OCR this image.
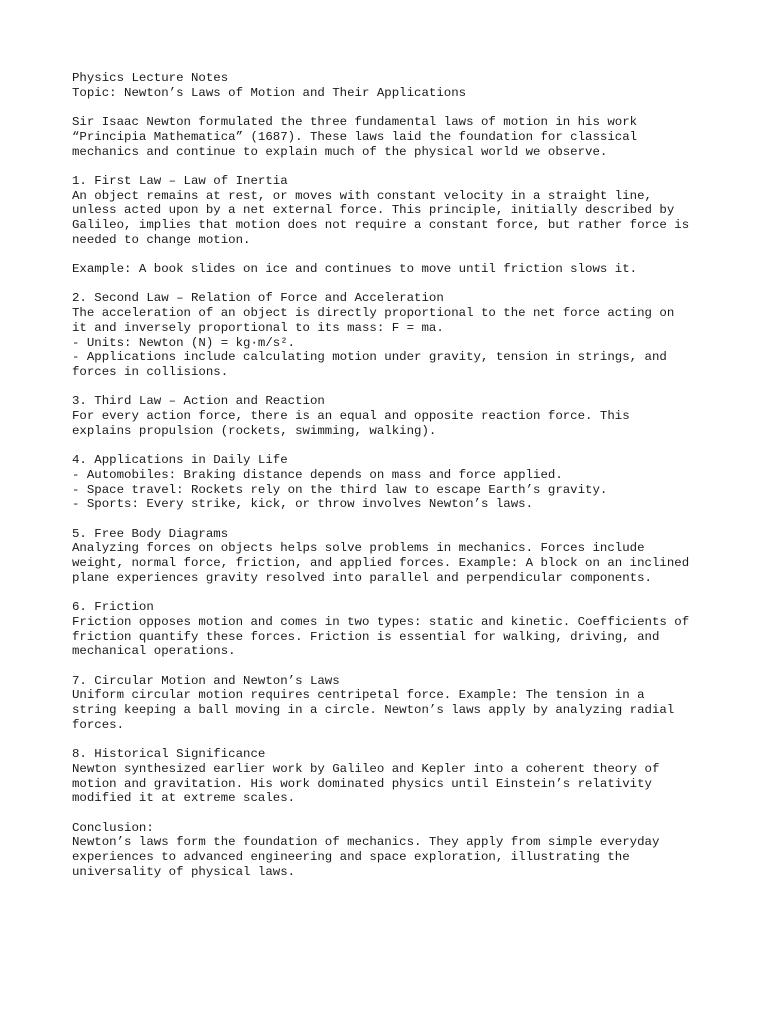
Physics Lecture Notes
Topic: Newton’s Laws of Motion and Their Applications
Sir Isaac Newton formulated the three fundamental laws of motion in his work
“Principia Mathematica” (1687). These laws laid the foundation for classical
mechanics and continue to explain much of the physical world we observe.
1. First Law – Law of Inertia
An object remains at rest, or moves with constant velocity in a straight line,
unless acted upon by a net external force. This principle, initially described by
Galileo, implies that motion does not require a constant force, but rather force is
needed to change motion.
Example: A book slides on ice and continues to move until friction slows it.
2. Second Law – Relation of Force and Acceleration
The acceleration of an object is directly proportional to the net force acting on
it and inversely proportional to its mass: F = ma.
- Units: Newton (N) = kg·m/s².
- Applications include calculating motion under gravity, tension in strings, and
forces in collisions.
3. Third Law – Action and Reaction
For every action force, there is an equal and opposite reaction force. This
explains propulsion (rockets, swimming, walking).
4. Applications in Daily Life
- Automobiles: Braking distance depends on mass and force applied.
- Space travel: Rockets rely on the third law to escape Earth’s gravity.
- Sports: Every strike, kick, or throw involves Newton’s laws.
5. Free Body Diagrams
Analyzing forces on objects helps solve problems in mechanics. Forces include
weight, normal force, friction, and applied forces. Example: A block on an inclined
plane experiences gravity resolved into parallel and perpendicular components.
6. Friction
Friction opposes motion and comes in two types: static and kinetic. Coefficients of
friction quantify these forces. Friction is essential for walking, driving, and
mechanical operations.
7. Circular Motion and Newton’s Laws
Uniform circular motion requires centripetal force. Example: The tension in a
string keeping a ball moving in a circle. Newton’s laws apply by analyzing radial
forces.
8. Historical Significance
Newton synthesized earlier work by Galileo and Kepler into a coherent theory of
motion and gravitation. His work dominated physics until Einstein’s relativity
modified it at extreme scales.
Conclusion:
Newton’s laws form the foundation of mechanics. They apply from simple everyday
experiences to advanced engineering and space exploration, illustrating the
universality of physical laws.
